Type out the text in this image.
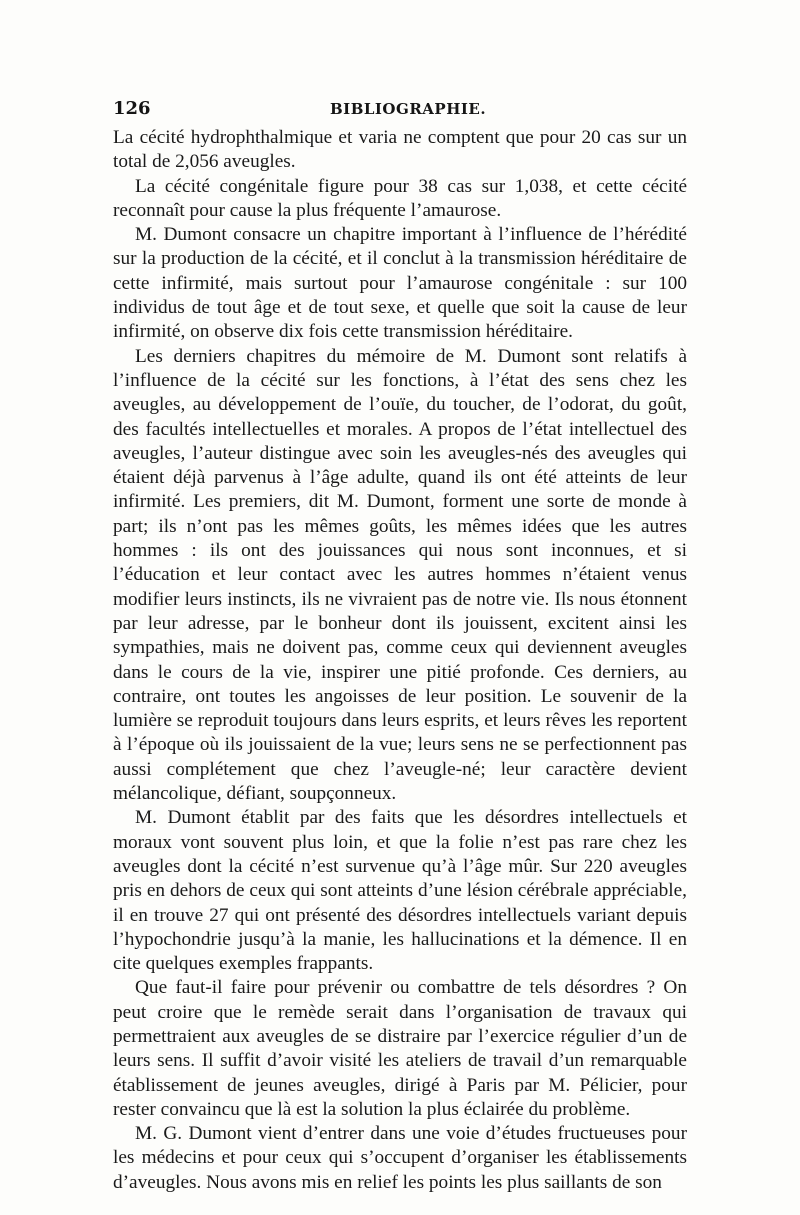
126	BIBLIOGRAPHIE.

La cécité hydrophthalmique et varia ne comptent que pour 20 cas sur un total de 2,056 aveugles.

La cécité congénitale figure pour 38 cas sur 1,038, et cette cécité reconnaît pour cause la plus fréquente l’amaurose.

M. Dumont consacre un chapitre important à l’influence de l’hérédité sur la production de la cécité, et il conclut à la transmission héréditaire de cette infirmité, mais surtout pour l’amaurose congénitale : sur 100 individus de tout âge et de tout sexe, et quelle que soit la cause de leur infirmité, on observe dix fois cette transmission héréditaire.

Les derniers chapitres du mémoire de M. Dumont sont relatifs à l’influence de la cécité sur les fonctions, à l’état des sens chez les aveugles, au développement de l’ouïe, du toucher, de l’odorat, du goût, des facultés intellectuelles et morales. A propos de l’état intellectuel des aveugles, l’auteur distingue avec soin les aveugles-nés des aveugles qui étaient déjà parvenus à l’âge adulte, quand ils ont été atteints de leur infirmité. Les premiers, dit M. Dumont, forment une sorte de monde à part; ils n’ont pas les mêmes goûts, les mêmes idées que les autres hommes : ils ont des jouissances qui nous sont inconnues, et si l’éducation et leur contact avec les autres hommes n’étaient venus modifier leurs instincts, ils ne vivraient pas de notre vie. Ils nous étonnent par leur adresse, par le bonheur dont ils jouissent, excitent ainsi les sympathies, mais ne doivent pas, comme ceux qui deviennent aveugles dans le cours de la vie, inspirer une pitié profonde. Ces derniers, au contraire, ont toutes les angoisses de leur position. Le souvenir de la lumière se reproduit toujours dans leurs esprits, et leurs rêves les reportent à l’époque où ils jouissaient de la vue; leurs sens ne se perfectionnent pas aussi complétement que chez l’aveugle-né; leur caractère devient mélancolique, défiant, soupçonneux.

M. Dumont établit par des faits que les désordres intellectuels et moraux vont souvent plus loin, et que la folie n’est pas rare chez les aveugles dont la cécité n’est survenue qu’à l’âge mûr. Sur 220 aveugles pris en dehors de ceux qui sont atteints d’une lésion cérébrale appréciable, il en trouve 27 qui ont présenté des désordres intellectuels variant depuis l’hypochondrie jusqu’à la manie, les hallucinations et la démence. Il en cite quelques exemples frappants.

Que faut-il faire pour prévenir ou combattre de tels désordres ? On peut croire que le remède serait dans l’organisation de travaux qui permettraient aux aveugles de se distraire par l’exercice régulier d’un de leurs sens. Il suffit d’avoir visité les ateliers de travail d’un remarquable établissement de jeunes aveugles, dirigé à Paris par M. Pélicier, pour rester convaincu que là est la solution la plus éclairée du problème.

M. G. Dumont vient d’entrer dans une voie d’études fructueuses pour les médecins et pour ceux qui s’occupent d’organiser les établissements d’aveugles. Nous avons mis en relief les points les plus saillants de son
